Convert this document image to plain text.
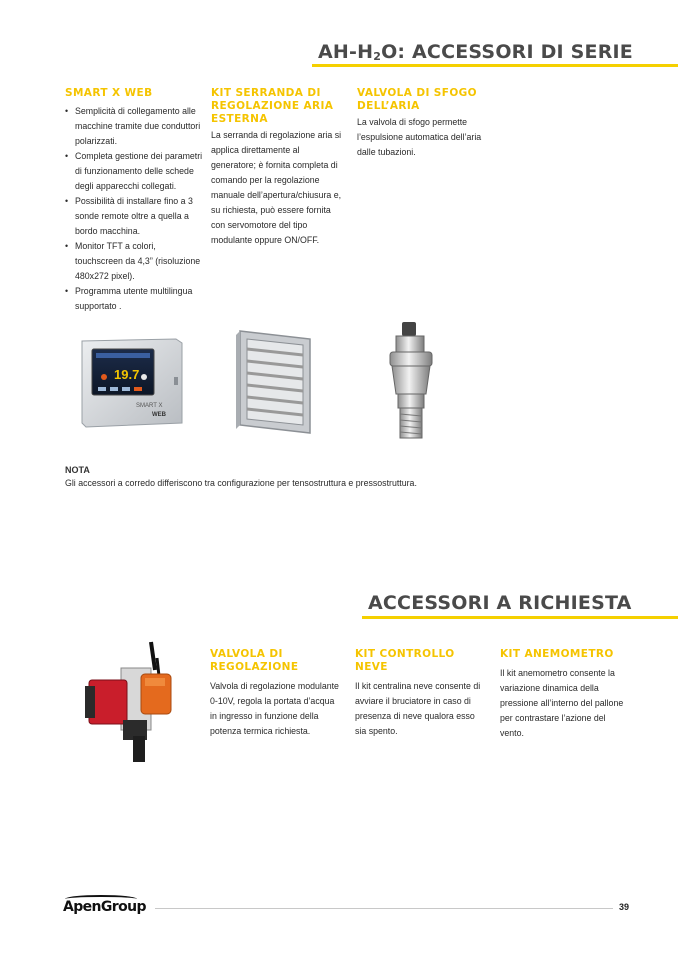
$AH-H_2O$: ACCESSORI DI SERIE
SMART X WEB
• Semplicità di collegamento alle macchine tramite due conduttori polarizzati.
• Completa gestione dei parametri di funzionamento delle schede degli apparecchi collegati.
• Possibilità di installare fino a 3 sonde remote oltre a quella a bordo macchina.
• Monitor TFT a colori, touchscreen da 4,3” (risoluzione 480x272 pixel).
• Programma utente multilingua supportato .
KIT SERRANDA DI REGOLAZIONE ARIA ESTERNA
La serranda di regolazione aria si applica direttamente al generatore; è fornita completa di comando per la regolazione manuale dell’apertura/chiusura e, su richiesta, può essere fornita con servomotore del tipo modulante oppure ON/OFF.
VALVOLA DI SFOGO DELL’ARIA
La valvola di sfogo permette l’espulsione automatica dell’aria dalle tubazioni.
19.7
SMART X
WEB
NOTA
Gli accessori a corredo differiscono tra configurazione per tensostruttura e pressostruttura.
ACCESSORI A RICHIESTA
VALVOLA DI REGOLAZIONE
Valvola di regolazione modulante 0-10V, regola la portata d’acqua in ingresso in funzione della potenza termica richiesta.
KIT CONTROLLO NEVE
Il kit centralina neve consente di avviare il bruciatore in caso di presenza di neve qualora esso sia spento.
KIT ANEMOMETRO
Il kit anemometro consente la variazione dinamica della pressione all’interno del pallone per contrastare l’azione del vento.
ApenGroup	39
